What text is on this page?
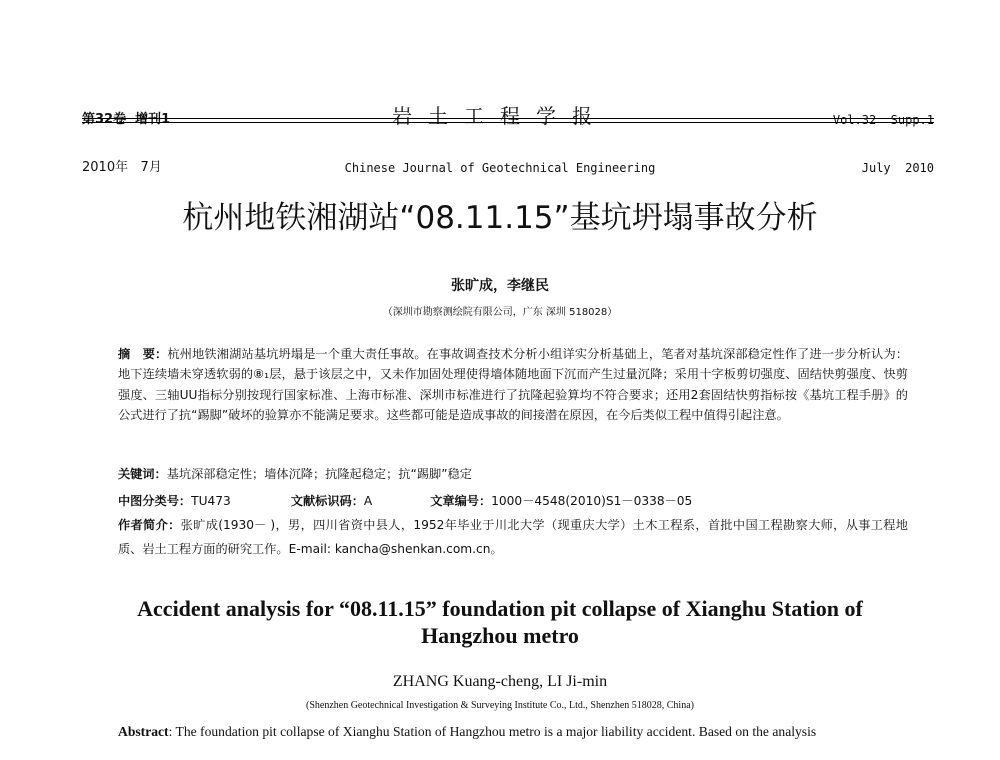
第32卷  增刊1

2010年   7月

岩土工程学报

Chinese Journal of Geotechnical Engineering

Vol.32  Supp.1

July  2010

杭州地铁湘湖站“08.11.15”基坑坍塌事故分析
张旷成，李继民
（深圳市勘察测绘院有限公司，广东 深圳 518028）
摘　要：杭州地铁湘湖站基坑坍塌是一个重大责任事故。在事故调查技术分析小组详实分析基础上，笔者对基坑深部稳定性作了进一步分析认为：地下连续墙未穿透软弱的⑧₁层，悬于该层之中，又未作加固处理使得墙体随地面下沉而产生过量沉降；采用十字板剪切强度、固结快剪强度、快剪强度、三轴UU指标分别按现行国家标准、上海市标准、深圳市标准进行了抗隆起验算均不符合要求；还用2套固结快剪指标按《基坑工程手册》的公式进行了抗“踢脚”破坏的验算亦不能满足要求。这些都可能是造成事故的间接潜在原因，在今后类似工程中值得引起注意。
关键词：基坑深部稳定性；墙体沉降；抗隆起稳定；抗“踢脚”稳定
中图分类号：TU473	文献标识码：A	文章编号：1000－4548(2010)S1－0338－05
作者简介：张旷成(1930－ )，男，四川省资中县人，1952年毕业于川北大学（现重庆大学）土木工程系，首批中国工程勘察大师，从事工程地质、岩土工程方面的研究工作。E-mail: kancha@shenkan.com.cn。
Accident analysis for “08.11.15” foundation pit collapse of Xianghu Station of Hangzhou metro
ZHANG Kuang-cheng, LI Ji-min
(Shenzhen Geotechnical Investigation & Surveying Institute Co., Ltd., Shenzhen 518028, China)
Abstract: The foundation pit collapse of Xianghu Station of Hangzhou metro is a major liability accident. Based on the analysis
